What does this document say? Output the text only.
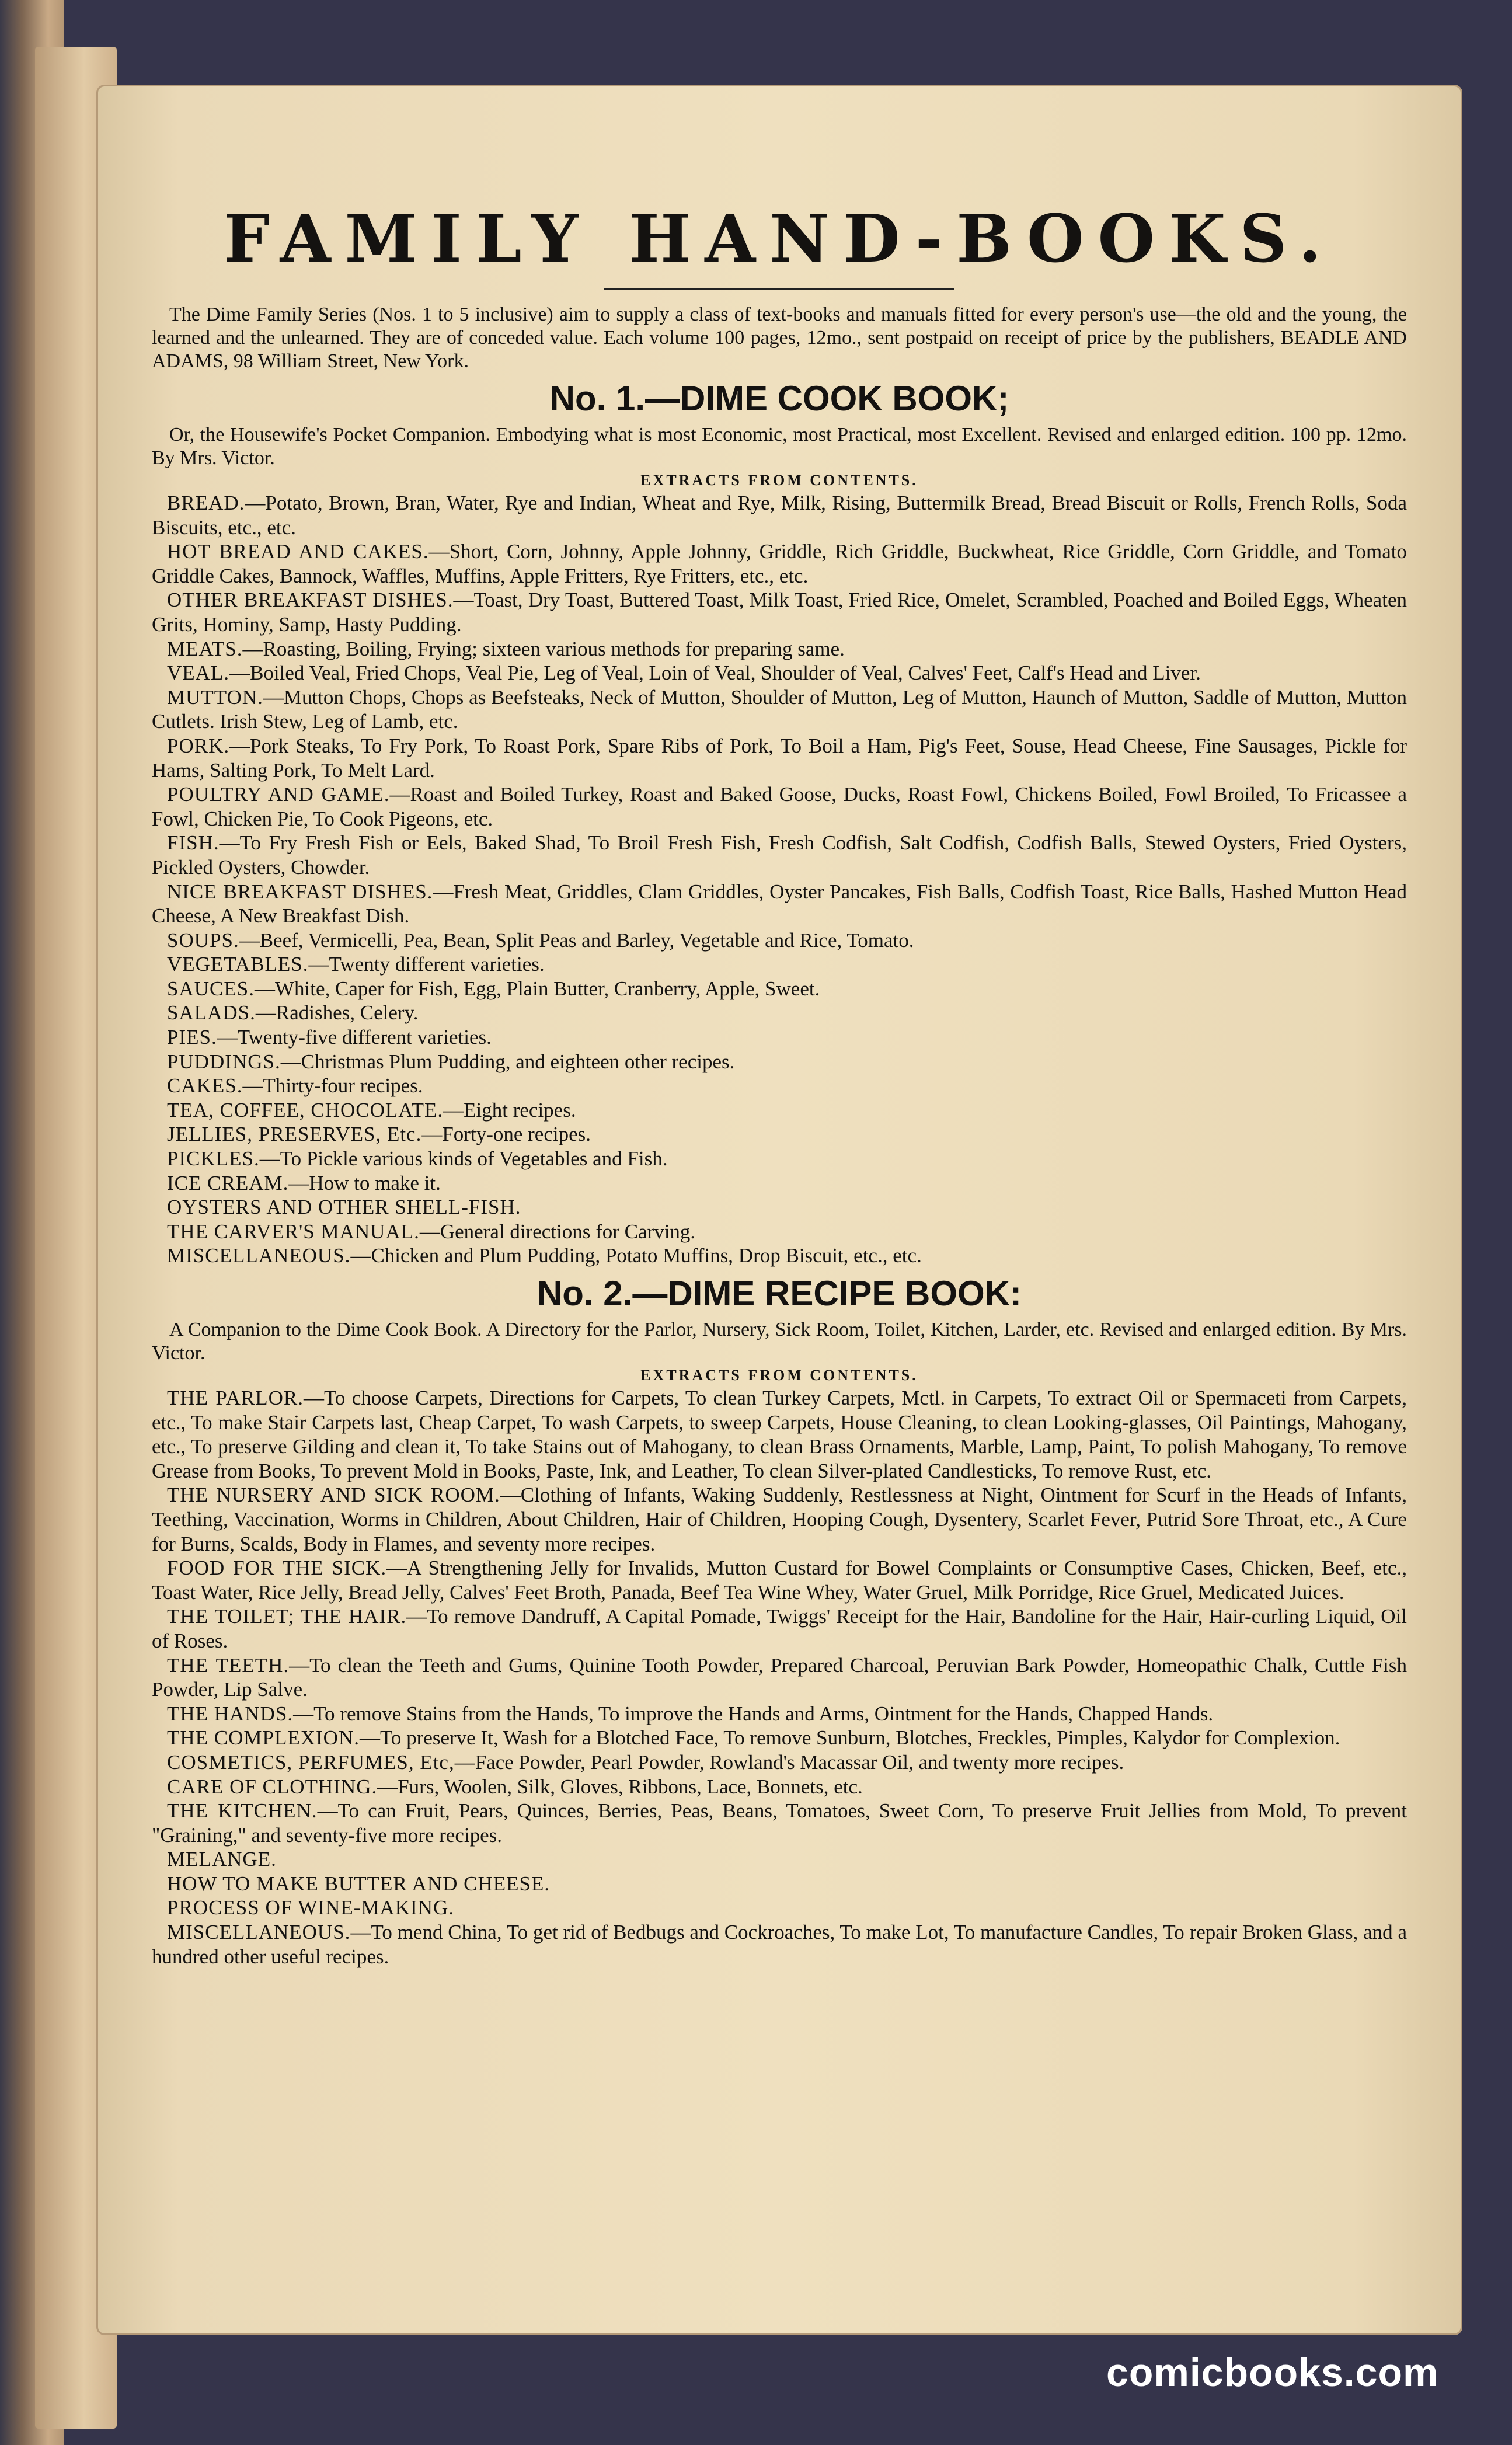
FAMILY HAND-BOOKS.

The Dime Family Series (Nos. 1 to 5 inclusive) aim to supply a class of text-books and manuals fitted for every person's use—the old and the young, the learned and the unlearned. They are of conceded value. Each volume 100 pages, 12mo., sent postpaid on receipt of price by the publishers, BEADLE AND ADAMS, 98 William Street, New York.

No. 1.—DIME COOK BOOK;

Or, the Housewife's Pocket Companion. Embodying what is most Economic, most Practical, most Excellent. Revised and enlarged edition. 100 pp. 12mo. By Mrs. Victor.

EXTRACTS FROM CONTENTS.

BREAD.—Potato, Brown, Bran, Water, Rye and Indian, Wheat and Rye, Milk, Rising, Buttermilk Bread, Bread Biscuit or Rolls, French Rolls, Soda Biscuits, etc., etc.

HOT BREAD AND CAKES.—Short, Corn, Johnny, Apple Johnny, Griddle, Rich Griddle, Buckwheat, Rice Griddle, Corn Griddle, and Tomato Griddle Cakes, Bannock, Waffles, Muffins, Apple Fritters, Rye Fritters, etc., etc.

OTHER BREAKFAST DISHES.—Toast, Dry Toast, Buttered Toast, Milk Toast, Fried Rice, Omelet, Scrambled, Poached and Boiled Eggs, Wheaten Grits, Hominy, Samp, Hasty Pudding.

MEATS.—Roasting, Boiling, Frying; sixteen various methods for preparing same.

VEAL.—Boiled Veal, Fried Chops, Veal Pie, Leg of Veal, Loin of Veal, Shoulder of Veal, Calves' Feet, Calf's Head and Liver.

MUTTON.—Mutton Chops, Chops as Beefsteaks, Neck of Mutton, Shoulder of Mutton, Leg of Mutton, Haunch of Mutton, Saddle of Mutton, Mutton Cutlets. Irish Stew, Leg of Lamb, etc.

PORK.—Pork Steaks, To Fry Pork, To Roast Pork, Spare Ribs of Pork, To Boil a Ham, Pig's Feet, Souse, Head Cheese, Fine Sausages, Pickle for Hams, Salting Pork, To Melt Lard.

POULTRY AND GAME.—Roast and Boiled Turkey, Roast and Baked Goose, Ducks, Roast Fowl, Chickens Boiled, Fowl Broiled, To Fricassee a Fowl, Chicken Pie, To Cook Pigeons, etc.

FISH.—To Fry Fresh Fish or Eels, Baked Shad, To Broil Fresh Fish, Fresh Codfish, Salt Codfish, Codfish Balls, Stewed Oysters, Fried Oysters, Pickled Oysters, Chowder.

NICE BREAKFAST DISHES.—Fresh Meat, Griddles, Clam Griddles, Oyster Pancakes, Fish Balls, Codfish Toast, Rice Balls, Hashed Mutton Head Cheese, A New Breakfast Dish.

SOUPS.—Beef, Vermicelli, Pea, Bean, Split Peas and Barley, Vegetable and Rice, Tomato.

VEGETABLES.—Twenty different varieties.

SAUCES.—White, Caper for Fish, Egg, Plain Butter, Cranberry, Apple, Sweet.

SALADS.—Radishes, Celery.

PIES.—Twenty-five different varieties.

PUDDINGS.—Christmas Plum Pudding, and eighteen other recipes.

CAKES.—Thirty-four recipes.

TEA, COFFEE, CHOCOLATE.—Eight recipes.

JELLIES, PRESERVES, Etc.—Forty-one recipes.

PICKLES.—To Pickle various kinds of Vegetables and Fish.

ICE CREAM.—How to make it.

OYSTERS AND OTHER SHELL-FISH.

THE CARVER'S MANUAL.—General directions for Carving.

MISCELLANEOUS.—Chicken and Plum Pudding, Potato Muffins, Drop Biscuit, etc., etc.

No. 2.—DIME RECIPE BOOK:

A Companion to the Dime Cook Book. A Directory for the Parlor, Nursery, Sick Room, Toilet, Kitchen, Larder, etc. Revised and enlarged edition. By Mrs. Victor.

EXTRACTS FROM CONTENTS.

THE PARLOR.—To choose Carpets, Directions for Carpets, To clean Turkey Carpets, Mctl. in Carpets, To extract Oil or Spermaceti from Carpets, etc., To make Stair Carpets last, Cheap Carpet, To wash Carpets, to sweep Carpets, House Cleaning, to clean Looking-glasses, Oil Paintings, Mahogany, etc., To preserve Gilding and clean it, To take Stains out of Mahogany, to clean Brass Ornaments, Marble, Lamp, Paint, To polish Mahogany, To remove Grease from Books, To prevent Mold in Books, Paste, Ink, and Leather, To clean Silver-plated Candlesticks, To remove Rust, etc.

THE NURSERY AND SICK ROOM.—Clothing of Infants, Waking Suddenly, Restlessness at Night, Ointment for Scurf in the Heads of Infants, Teething, Vaccination, Worms in Children, About Children, Hair of Children, Hooping Cough, Dysentery, Scarlet Fever, Putrid Sore Throat, etc., A Cure for Burns, Scalds, Body in Flames, and seventy more recipes.

FOOD FOR THE SICK.—A Strengthening Jelly for Invalids, Mutton Custard for Bowel Complaints or Consumptive Cases, Chicken, Beef, etc., Toast Water, Rice Jelly, Bread Jelly, Calves' Feet Broth, Panada, Beef Tea Wine Whey, Water Gruel, Milk Porridge, Rice Gruel, Medicated Juices.

THE TOILET; THE HAIR.—To remove Dandruff, A Capital Pomade, Twiggs' Receipt for the Hair, Bandoline for the Hair, Hair-curling Liquid, Oil of Roses.

THE TEETH.—To clean the Teeth and Gums, Quinine Tooth Powder, Prepared Charcoal, Peruvian Bark Powder, Homeopathic Chalk, Cuttle Fish Powder, Lip Salve.

THE HANDS.—To remove Stains from the Hands, To improve the Hands and Arms, Ointment for the Hands, Chapped Hands.

THE COMPLEXION.—To preserve It, Wash for a Blotched Face, To remove Sunburn, Blotches, Freckles, Pimples, Kalydor for Complexion.

COSMETICS, PERFUMES, Etc,—Face Powder, Pearl Powder, Rowland's Macassar Oil, and twenty more recipes.

CARE OF CLOTHING.—Furs, Woolen, Silk, Gloves, Ribbons, Lace, Bonnets, etc.

THE KITCHEN.—To can Fruit, Pears, Quinces, Berries, Peas, Beans, Tomatoes, Sweet Corn, To preserve Fruit Jellies from Mold, To prevent "Graining," and seventy-five more recipes.

MELANGE.

HOW TO MAKE BUTTER AND CHEESE.

PROCESS OF WINE-MAKING.

MISCELLANEOUS.—To mend China, To get rid of Bedbugs and Cockroaches, To make Lot, To manufacture Candles, To repair Broken Glass, and a hundred other useful recipes.

comicbooks.com
